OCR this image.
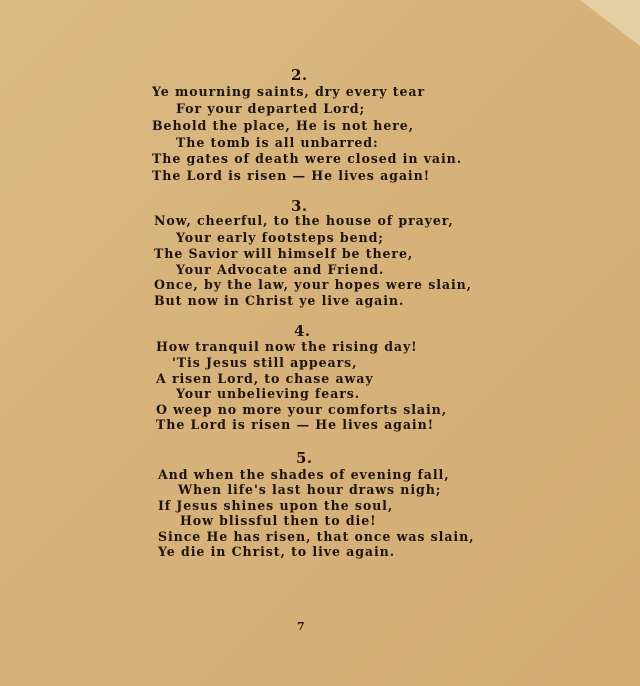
2.
Ye mourning saints, dry every tear
For your departed Lord;
Behold the place, He is not here,
The tomb is all unbarred:
The gates of death were closed in vain.
The Lord is risen — He lives again!
3.
Now, cheerful, to the house of prayer,
Your early footsteps bend;
The Savior will himself be there,
Your Advocate and Friend.
Once, by the law, your hopes were slain,
But now in Christ ye live again.
4.
How tranquil now the rising day!
'Tis Jesus still appears,
A risen Lord, to chase away
Your unbelieving fears.
O weep no more your comforts slain,
The Lord is risen — He lives again!
5.
And when the shades of evening fall,
When life's last hour draws nigh;
If Jesus shines upon the soul,
How blissful then to die!
Since He has risen, that once was slain,
Ye die in Christ, to live again.
7
